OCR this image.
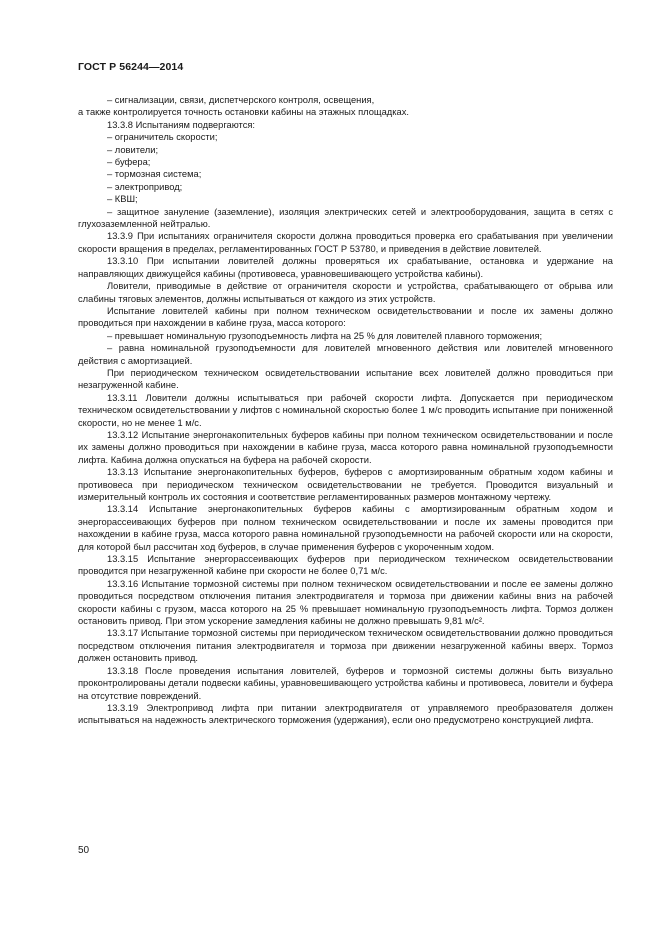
ГОСТ Р 56244—2014

– сигнализации, связи, диспетчерского контроля, освещения,

а также контролируется точность остановки кабины на этажных площадках.

13.3.8 Испытаниям подвергаются:

– ограничитель скорости;

– ловители;

– буфера;

– тормозная система;

– электропривод;

– КВШ;

– защитное зануление (заземление), изоляция электрических сетей и электрооборудования, защита в сетях с глухозаземленной нейтралью.

13.3.9 При испытаниях ограничителя скорости должна проводиться проверка его срабатывания при увеличении скорости вращения в пределах, регламентированных ГОСТ Р 53780, и приведения в действие ловителей.

13.3.10 При испытании ловителей должны проверяться их срабатывание, остановка и удержание на направляющих движущейся кабины (противовеса, уравновешивающего устройства кабины).

Ловители, приводимые в действие от ограничителя скорости и устройства, срабатывающего от обрыва или слабины тяговых элементов, должны испытываться от каждого из этих устройств.

Испытание ловителей кабины при полном техническом освидетельствовании и после их замены должно проводиться при нахождении в кабине груза, масса которого:

– превышает номинальную грузоподъемность лифта на 25 % для ловителей плавного торможения;

– равна номинальной грузоподъемности для ловителей мгновенного действия или ловителей мгновенного действия с амортизацией.

При периодическом техническом освидетельствовании испытание всех ловителей должно проводиться при незагруженной кабине.

13.3.11 Ловители должны испытываться при рабочей скорости лифта. Допускается при периодическом техническом освидетельствовании у лифтов с номинальной скоростью более 1 м/с проводить испытание при пониженной скорости, но не менее 1 м/с.

13.3.12 Испытание энергонакопительных буферов кабины при полном техническом освидетельствовании и после их замены должно проводиться при нахождении в кабине груза, масса которого равна номинальной грузоподъемности лифта. Кабина должна опускаться на буфера на рабочей скорости.

13.3.13 Испытание энергонакопительных буферов, буферов с амортизированным обратным ходом кабины и противовеса при периодическом техническом освидетельствовании не требуется. Проводится визуальный и измерительный контроль их состояния и соответствие регламентированных размеров монтажному чертежу.

13.3.14 Испытание энергонакопительных буферов кабины с амортизированным обратным ходом и энергорассеивающих буферов при полном техническом освидетельствовании и после их замены проводится при нахождении в кабине груза, масса которого равна номинальной грузоподъемности на рабочей скорости или на скорости, для которой был рассчитан ход буферов, в случае применения буферов с укороченным ходом.

13.3.15 Испытание энергорассеивающих буферов при периодическом техническом освидетельствовании проводится при незагруженной кабине при скорости не более 0,71 м/с.

13.3.16 Испытание тормозной системы при полном техническом освидетельствовании и после ее замены должно проводиться посредством отключения питания электродвигателя и тормоза при движении кабины вниз на рабочей скорости кабины с грузом, масса которого на 25 % превышает номинальную грузоподъемность лифта. Тормоз должен остановить привод. При этом ускорение замедления кабины не должно превышать 9,81 м/с².

13.3.17 Испытание тормозной системы при периодическом техническом освидетельствовании должно проводиться посредством отключения питания электродвигателя и тормоза при движении незагруженной кабины вверх. Тормоз должен остановить привод.

13.3.18 После проведения испытания ловителей, буферов и тормозной системы должны быть визуально проконтролированы детали подвески кабины, уравновешивающего устройства кабины и противовеса, ловители и буфера на отсутствие повреждений.

13.3.19 Электропривод лифта при питании электродвигателя от управляемого преобразователя должен испытываться на надежность электрического торможения (удержания), если оно предусмотрено конструкцией лифта.

50
